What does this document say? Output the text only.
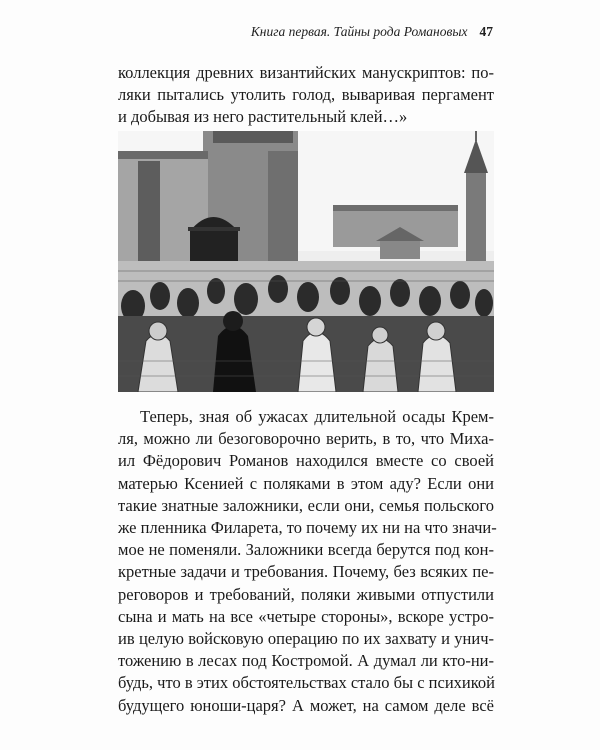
Книга первая. Тайны рода Романовых 47
коллекция древних византийских манускриптов: по-
ляки пытались утолить голод, вываривая пергамент
и добывая из него растительный клей…»
Теперь, зная об ужасах длительной осады Крем-
ля, можно ли безоговорочно верить, в то, что Миха-
ил Фёдорович Романов находился вместе со своей
матерью Ксенией с поляками в этом аду? Если они
такие знатные заложники, если они, семья польского
же пленника Филарета, то почему их ни на что значи-
мое не поменяли. Заложники всегда берутся под кон-
кретные задачи и требования. Почему, без всяких пе-
реговоров и требований, поляки живыми отпустили
сына и мать на все «четыре стороны», вскоре устро-
ив целую войсковую операцию по их захвату и унич-
тожению в лесах под Костромой. А думал ли кто-ни-
будь, что в этих обстоятельствах стало бы с психикой
будущего юноши-царя? А может, на самом деле всё
